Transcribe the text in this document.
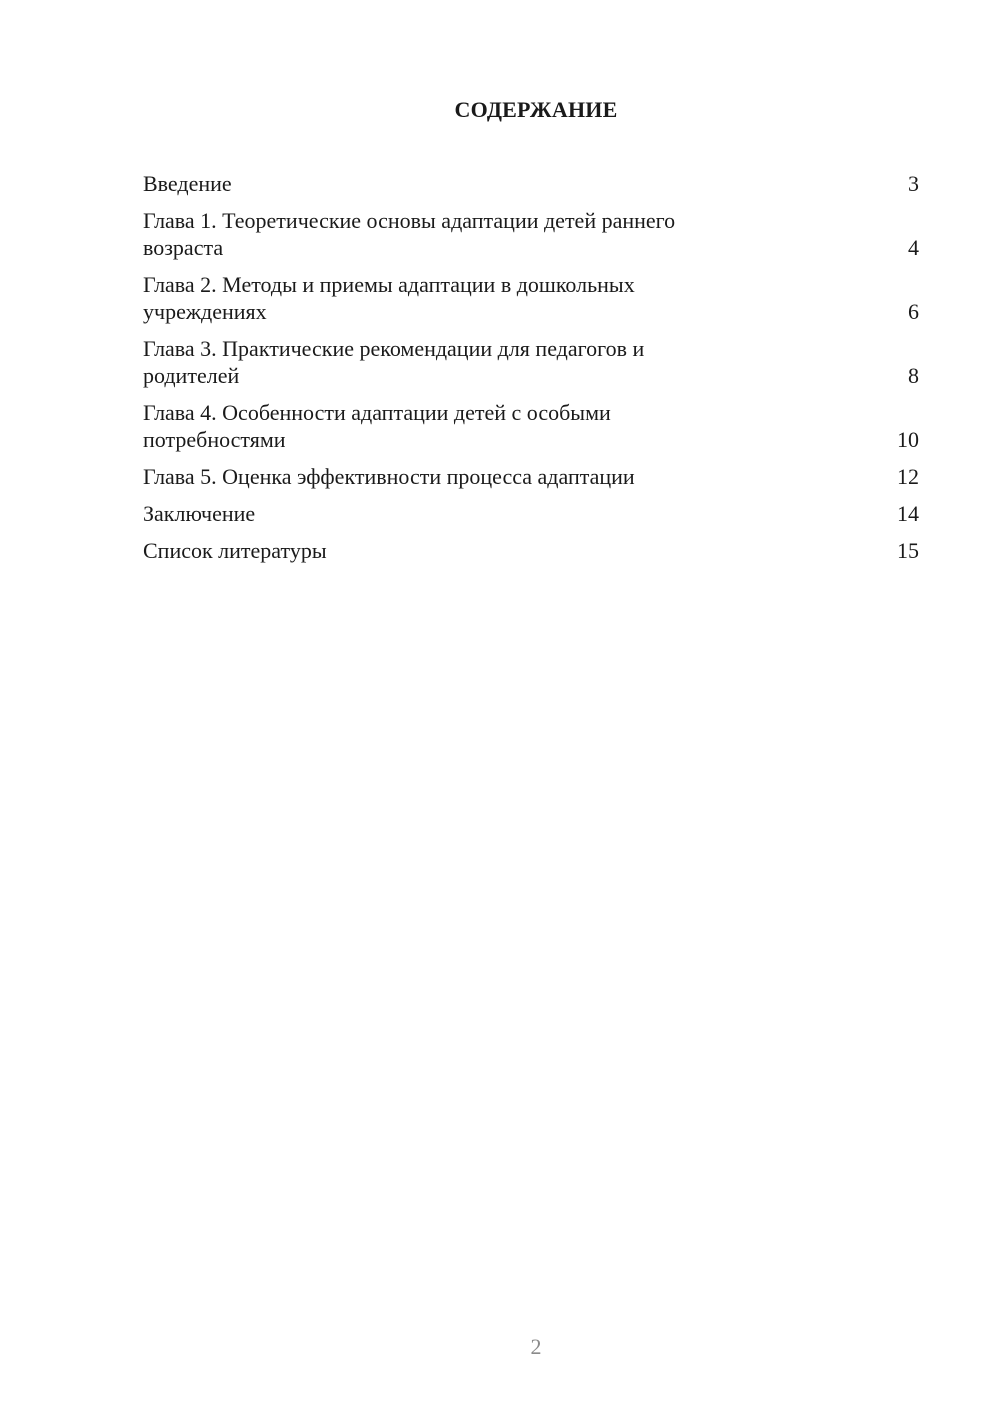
СОДЕРЖАНИЕ
Введение	3
Глава 1. Теоретические основы адаптации детей раннего
возраста	4
Глава 2. Методы и приемы адаптации в дошкольных
учреждениях	6
Глава 3. Практические рекомендации для педагогов и
родителей	8
Глава 4. Особенности адаптации детей с особыми
потребностями	10
Глава 5. Оценка эффективности процесса адаптации	12
Заключение	14
Список литературы	15
2
